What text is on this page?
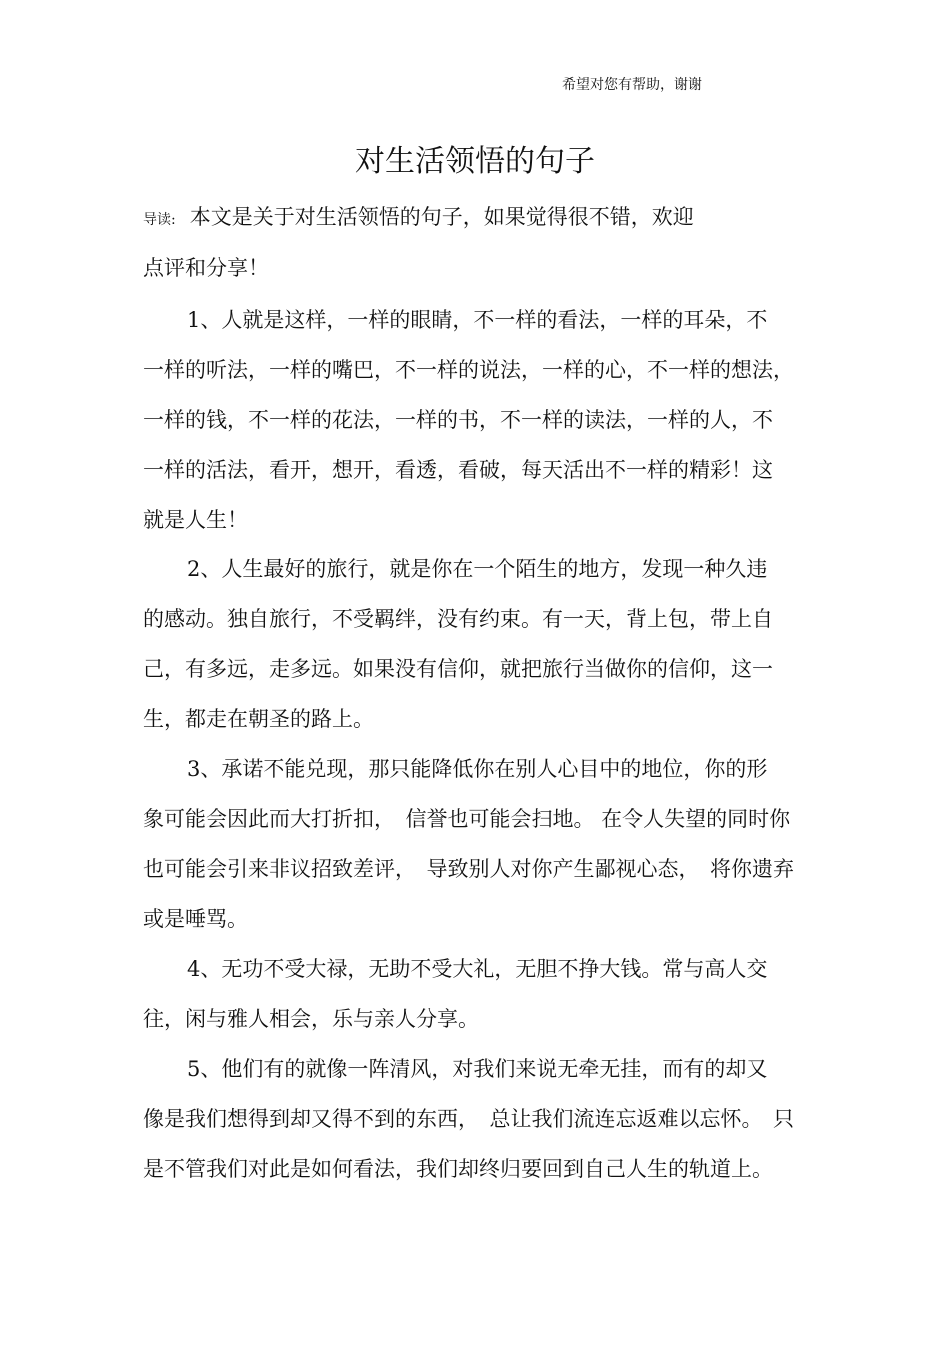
希望对您有帮助，谢谢
对生活领悟的句子
导读: 本文是关于对生活领悟的句子，如果觉得很不错，欢迎
点评和分享！
1、人就是这样，一样的眼睛，不一样的看法，一样的耳朵，不
一样的听法，一样的嘴巴，不一样的说法，一样的心，不一样的想法，
一样的钱，不一样的花法，一样的书，不一样的读法，一样的人，不
一样的活法，看开，想开，看透，看破，每天活出不一样的精彩！这
就是人生！
2、人生最好的旅行，就是你在一个陌生的地方，发现一种久违
的感动。独自旅行，不受羁绊，没有约束。有一天，背上包，带上自
己，有多远，走多远。如果没有信仰，就把旅行当做你的信仰，这一
生，都走在朝圣的路上。
3、承诺不能兑现，那只能降低你在别人心目中的地位，你的形
象可能会因此而大打折扣，　信誉也可能会扫地。 在令人失望的同时你
也可能会引来非议招致差评，　导致别人对你产生鄙视心态，　将你遗弃
或是唾骂。
4、无功不受大禄，无助不受大礼，无胆不挣大钱。常与高人交
往，闲与雅人相会，乐与亲人分享。
5、他们有的就像一阵清风，对我们来说无牵无挂，而有的却又
像是我们想得到却又得不到的东西，　总让我们流连忘返难以忘怀。　只
是不管我们对此是如何看法，我们却终归要回到自己人生的轨道上。
